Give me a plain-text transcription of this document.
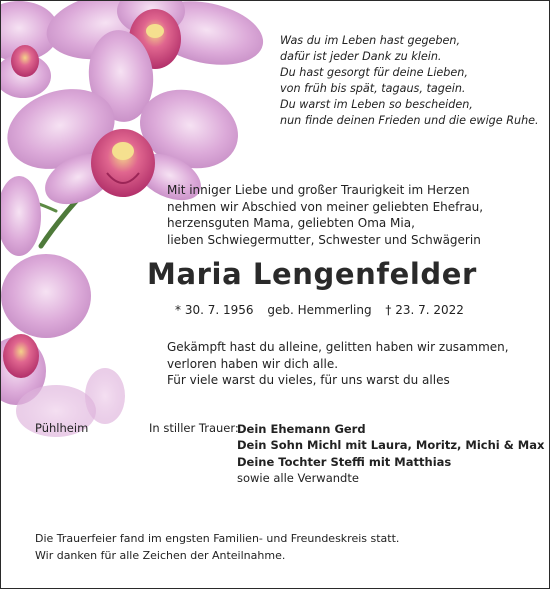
Was du im Leben hast gegeben,
dafür ist jeder Dank zu klein.
Du hast gesorgt für deine Lieben,
von früh bis spät, tagaus, tagein.
Du warst im Leben so bescheiden,
nun finde deinen Frieden und die ewige Ruhe.
Mit inniger Liebe und großer Traurigkeit im Herzen
nehmen wir Abschied von meiner geliebten Ehefrau,
herzensguten Mama, geliebten Oma Mia,
lieben Schwiegermutter, Schwester und Schwägerin
Maria Lengenfelder
* 30. 7. 1956 geb. Hemmerling † 23. 7. 2022
Gekämpft hast du alleine, gelitten haben wir zusammen,
verloren haben wir dich alle.
Für viele warst du vieles, für uns warst du alles
Pühlheim	In stiller Trauer:
Dein Ehemann Gerd
Dein Sohn Michl mit Laura, Moritz, Michi & Max
Deine Tochter Steffi mit Matthias
sowie alle Verwandte
Die Trauerfeier fand im engsten Familien- und Freundeskreis statt.
Wir danken für alle Zeichen der Anteilnahme.
